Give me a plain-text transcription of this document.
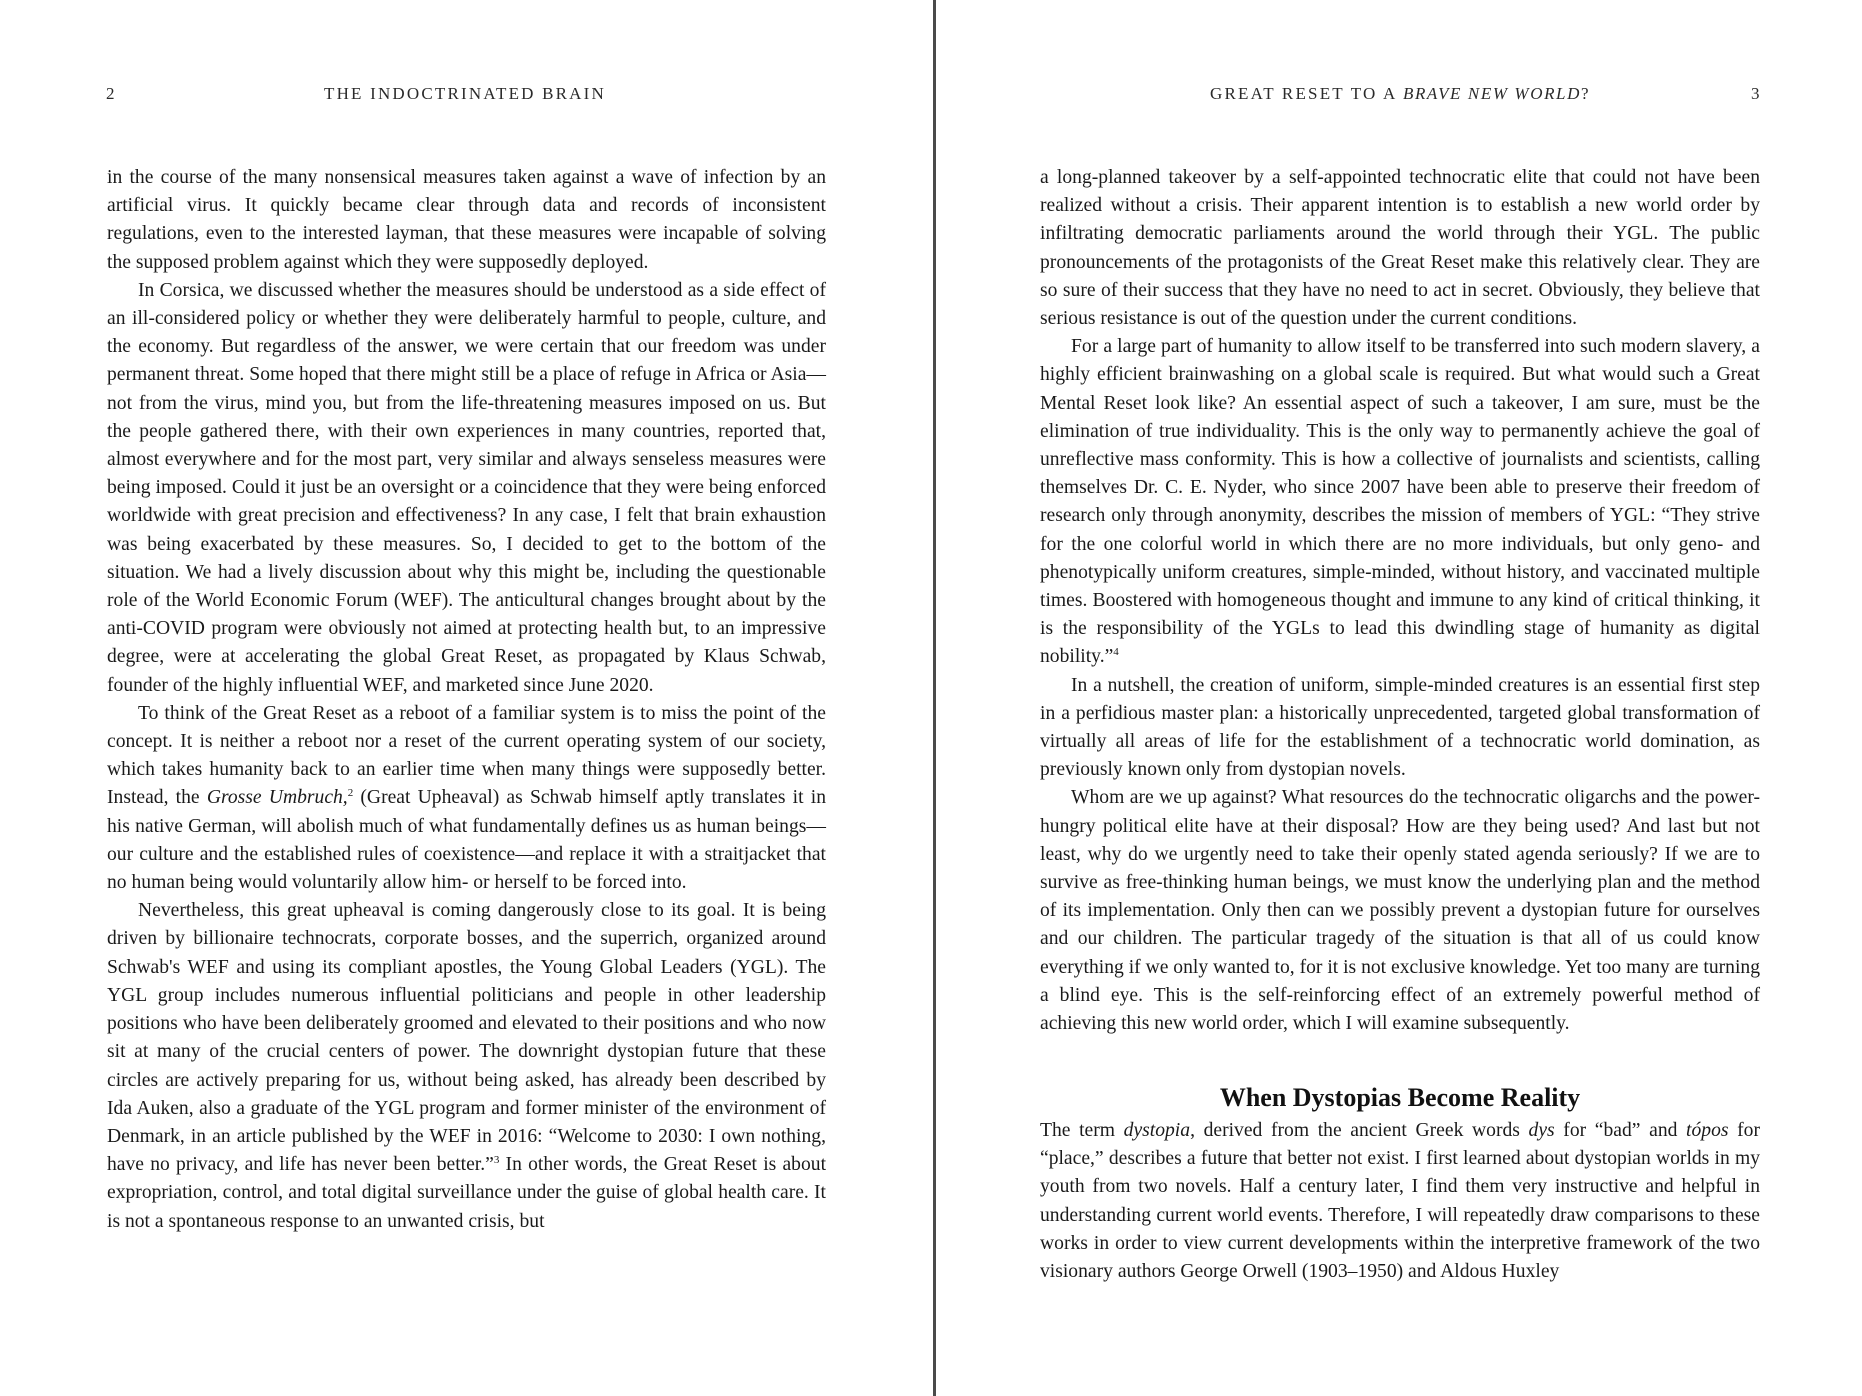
2	THE INDOCTRINATED BRAIN

in the course of the many nonsensical measures taken against a wave of infection by an artificial virus. It quickly became clear through data and records of inconsistent regulations, even to the interested layman, that these measures were incapable of solving the supposed problem against which they were supposedly deployed.

In Corsica, we discussed whether the measures should be understood as a side effect of an ill-considered policy or whether they were deliberately harmful to people, culture, and the economy. But regardless of the answer, we were certain that our freedom was under permanent threat. Some hoped that there might still be a place of refuge in Africa or Asia—not from the virus, mind you, but from the life-threatening measures imposed on us. But the people gathered there, with their own experiences in many countries, reported that, almost everywhere and for the most part, very similar and always senseless measures were being imposed. Could it just be an oversight or a coincidence that they were being enforced worldwide with great precision and effectiveness? In any case, I felt that brain exhaustion was being exacerbated by these measures. So, I decided to get to the bottom of the situation. We had a lively discussion about why this might be, including the questionable role of the World Economic Forum (WEF). The anticultural changes brought about by the anti-COVID program were obviously not aimed at protecting health but, to an impressive degree, were at accelerating the global Great Reset, as propagated by Klaus Schwab, founder of the highly influential WEF, and marketed since June 2020.

To think of the Great Reset as a reboot of a familiar system is to miss the point of the concept. It is neither a reboot nor a reset of the current operating system of our society, which takes humanity back to an earlier time when many things were supposedly better. Instead, the Grosse Umbruch,$^2$ (Great Upheaval) as Schwab himself aptly translates it in his native German, will abolish much of what fundamentally defines us as human beings—our culture and the established rules of coexistence—and replace it with a straitjacket that no human being would voluntarily allow him- or herself to be forced into.

Nevertheless, this great upheaval is coming dangerously close to its goal. It is being driven by billionaire technocrats, corporate bosses, and the superrich, organized around Schwab's WEF and using its compliant apostles, the Young Global Leaders (YGL). The YGL group includes numerous influential politicians and people in other leadership positions who have been deliberately groomed and elevated to their positions and who now sit at many of the crucial centers of power. The downright dystopian future that these circles are actively preparing for us, without being asked, has already been described by Ida Auken, also a graduate of the YGL program and former minister of the environment of Denmark, in an article published by the WEF in 2016: “Welcome to 2030: I own nothing, have no privacy, and life has never been better.”$^3$ In other words, the Great Reset is about expropriation, control, and total digital surveillance under the guise of global health care. It is not a spontaneous response to an unwanted crisis, but

GREAT RESET TO A BRAVE NEW WORLD?	3

a long-planned takeover by a self-appointed technocratic elite that could not have been realized without a crisis. Their apparent intention is to establish a new world order by infiltrating democratic parliaments around the world through their YGL. The public pronouncements of the protagonists of the Great Reset make this relatively clear. They are so sure of their success that they have no need to act in secret. Obviously, they believe that serious resistance is out of the question under the current conditions.

For a large part of humanity to allow itself to be transferred into such modern slavery, a highly efficient brainwashing on a global scale is required. But what would such a Great Mental Reset look like? An essential aspect of such a takeover, I am sure, must be the elimination of true individuality. This is the only way to permanently achieve the goal of unreflective mass conformity. This is how a collective of journalists and scientists, calling themselves Dr. C. E. Nyder, who since 2007 have been able to preserve their freedom of research only through anonymity, describes the mission of members of YGL: “They strive for the one colorful world in which there are no more individuals, but only geno- and phenotypically uniform creatures, simple-minded, without history, and vaccinated multiple times. Boostered with homogeneous thought and immune to any kind of critical thinking, it is the responsibility of the YGLs to lead this dwindling stage of humanity as digital nobility.”$^4$

In a nutshell, the creation of uniform, simple-minded creatures is an essential first step in a perfidious master plan: a historically unprecedented, targeted global transformation of virtually all areas of life for the establishment of a technocratic world domination, as previously known only from dystopian novels.

Whom are we up against? What resources do the technocratic oligarchs and the power-hungry political elite have at their disposal? How are they being used? And last but not least, why do we urgently need to take their openly stated agenda seriously? If we are to survive as free-thinking human beings, we must know the underlying plan and the method of its implementation. Only then can we possibly prevent a dystopian future for ourselves and our children. The particular tragedy of the situation is that all of us could know everything if we only wanted to, for it is not exclusive knowledge. Yet too many are turning a blind eye. This is the self-reinforcing effect of an extremely powerful method of achieving this new world order, which I will examine subsequently.

When Dystopias Become Reality

The term dystopia, derived from the ancient Greek words dys for “bad” and tópos for “place,” describes a future that better not exist. I first learned about dystopian worlds in my youth from two novels. Half a century later, I find them very instructive and helpful in understanding current world events. Therefore, I will repeatedly draw comparisons to these works in order to view current developments within the interpretive framework of the two visionary authors George Orwell (1903–1950) and Aldous Huxley
